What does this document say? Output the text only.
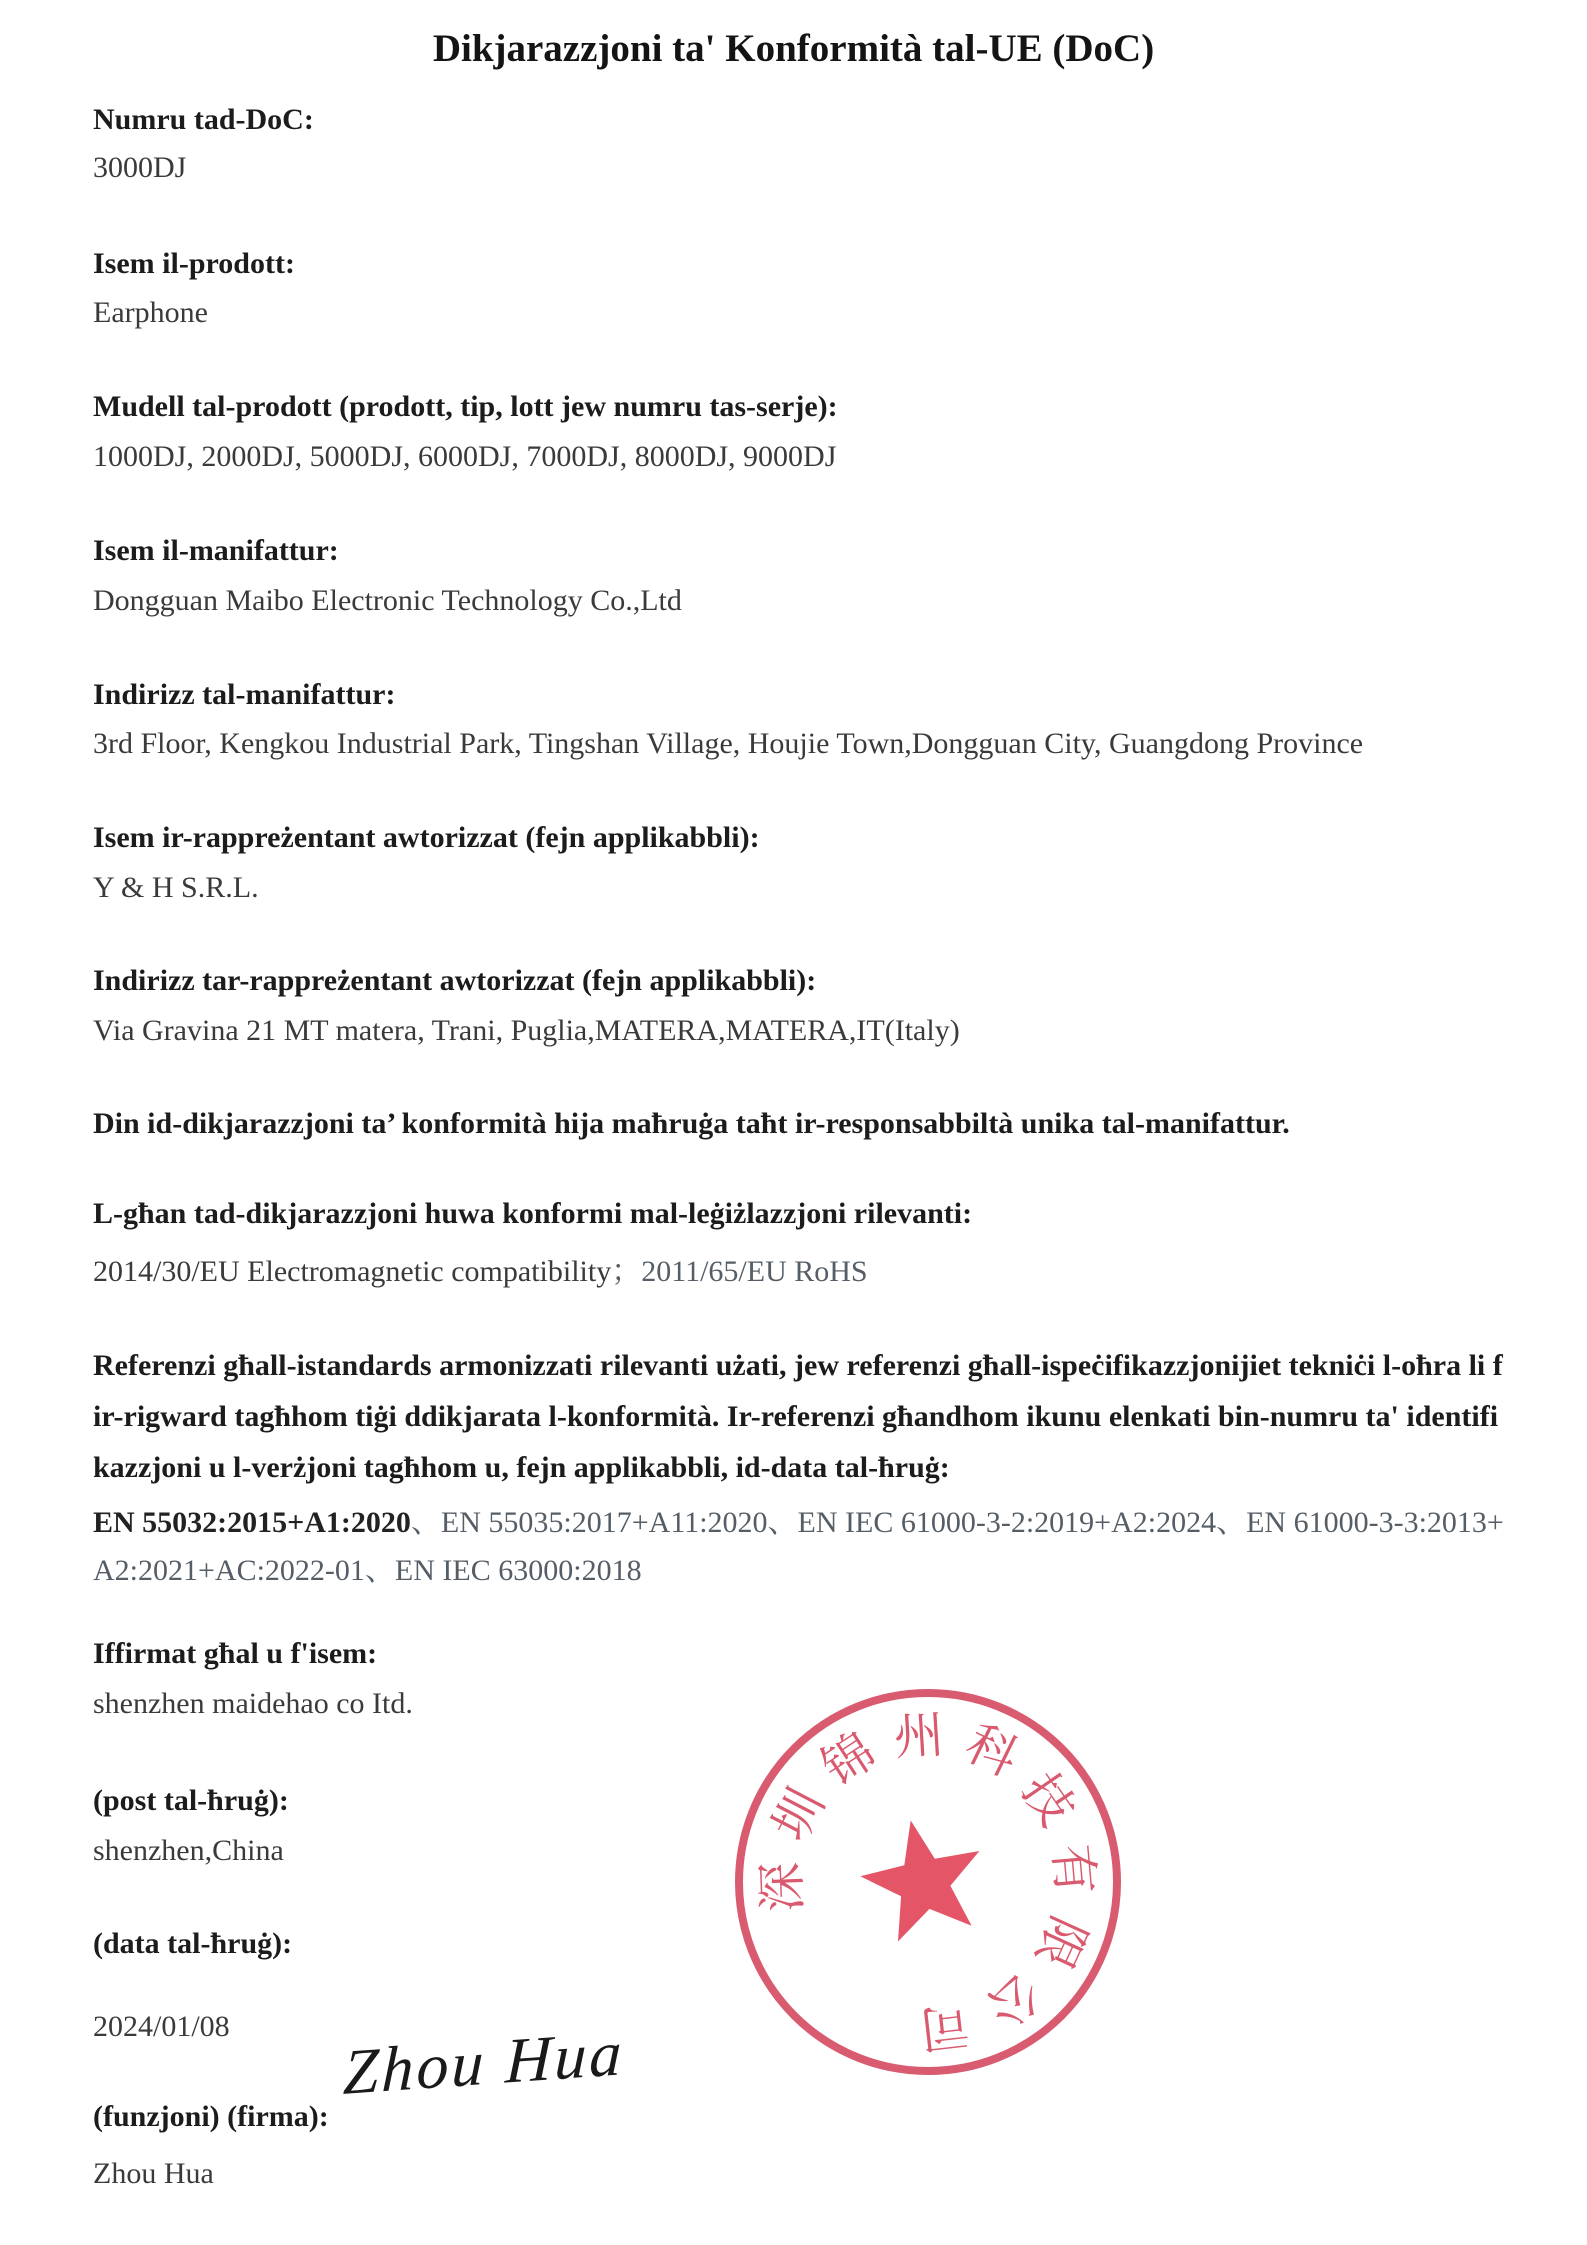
Dikjarazzjoni ta' Konformità tal-UE (DoC)
Numru tad-DoC:
3000DJ
Isem il-prodott:
Earphone
Mudell tal-prodott (prodott, tip, lott jew numru tas-serje):
1000DJ, 2000DJ, 5000DJ, 6000DJ, 7000DJ, 8000DJ, 9000DJ
Isem il-manifattur:
Dongguan Maibo Electronic Technology Co.,Ltd
Indirizz tal-manifattur:
3rd Floor, Kengkou Industrial Park, Tingshan Village, Houjie Town,Dongguan City, Guangdong Province
Isem ir-rappreżentant awtorizzat (fejn applikabbli):
Y & H S.R.L.
Indirizz tar-rappreżentant awtorizzat (fejn applikabbli):
Via Gravina 21 MT matera, Trani, Puglia,MATERA,MATERA,IT(Italy)
Din id-dikjarazzjoni ta’ konformità hija maħruġa taħt ir-responsabbiltà unika tal-manifattur.
L-għan tad-dikjarazzjoni huwa konformi mal-leġiżlazzjoni rilevanti:
2014/30/EU Electromagnetic compatibility；2011/65/EU RoHS
Referenzi għall-istandards armonizzati rilevanti użati, jew referenzi għall-ispeċifikazzjonijiet tekniċi l-oħra li fir-rigward tagħhom tiġi ddikjarata l-konformità. Ir-referenzi għandhom ikunu elenkati bin-numru ta' identifikazzjoni u l-verżjoni tagħhom u, fejn applikabbli, id-data tal-ħruġ:
EN 55032:2015+A1:2020、EN 55035:2017+A11:2020、EN IEC 61000-3-2:2019+A2:2024、EN 61000-3-3:2013+A2:2021+AC:2022-01、EN IEC 63000:2018
Iffirmat għal u f'isem:
shenzhen maidehao co Itd.
(post tal-ħruġ):
shenzhen,China
(data tal-ħruġ):
2024/01/08
(funzjoni) (firma):
Zhou Hua
Zhou Hua
深
圳
锦 州 科
技
有
限
公
司
